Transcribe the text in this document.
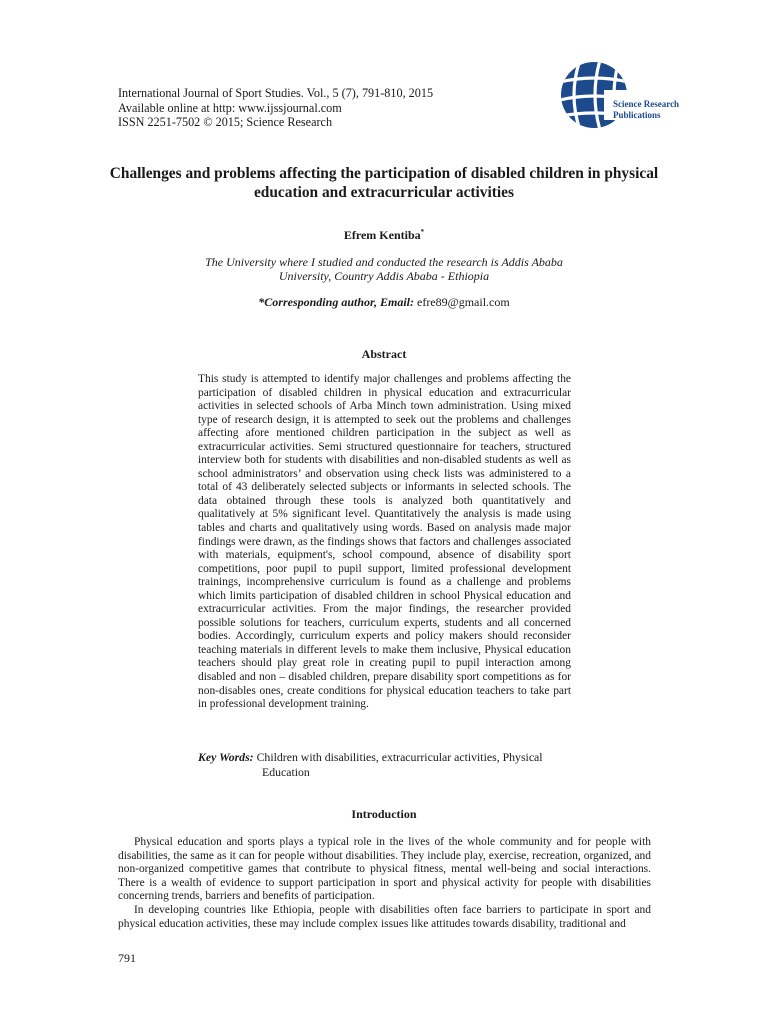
International Journal of Sport Studies. Vol., 5 (7), 791-810, 2015
Available online at http: www.ijssjournal.com
ISSN 2251-7502 © 2015; Science Research
Science Research
Publications
Challenges and problems affecting the participation of disabled children in physical education and extracurricular activities
Efrem Kentiba*
The University where I studied and conducted the research is Addis Ababa University, Country Addis Ababa - Ethiopia
*Corresponding author, Email: efre89@gmail.com
Abstract
This study is attempted to identify major challenges and problems affecting the participation of disabled children in physical education and extracurricular activities in selected schools of Arba Minch town administration. Using mixed type of research design, it is attempted to seek out the problems and challenges affecting afore mentioned children participation in the subject as well as extracurricular activities. Semi structured questionnaire for teachers, structured interview both for students with disabilities and non-disabled students as well as school administrators’ and observation using check lists was administered to a total of 43 deliberately selected subjects or informants in selected schools. The data obtained through these tools is analyzed both quantitatively and qualitatively at 5% significant level. Quantitatively the analysis is made using tables and charts and qualitatively using words. Based on analysis made major findings were drawn, as the findings shows that factors and challenges associated with materials, equipment's, school compound, absence of disability sport competitions, poor pupil to pupil support, limited professional development trainings, incomprehensive curriculum is found as a challenge and problems which limits participation of disabled children in school Physical education and extracurricular activities. From the major findings, the researcher provided possible solutions for teachers, curriculum experts, students and all concerned bodies. Accordingly, curriculum experts and policy makers should reconsider teaching materials in different levels to make them inclusive, Physical education teachers should play great role in creating pupil to pupil interaction among disabled and non – disabled children, prepare disability sport competitions as for non-disables ones, create conditions for physical education teachers to take part in professional development training.
Key Words: Children with disabilities, extracurricular activities, Physical
Education
Introduction

Physical education and sports plays a typical role in the lives of the whole community and for people with disabilities, the same as it can for people without disabilities. They include play, exercise, recreation, organized, and non-organized competitive games that contribute to physical fitness, mental well-being and social interactions. There is a wealth of evidence to support participation in sport and physical activity for people with disabilities concerning trends, barriers and benefits of participation.

In developing countries like Ethiopia, people with disabilities often face barriers to participate in sport and physical education activities, these may include complex issues like attitudes towards disability, traditional and

791
